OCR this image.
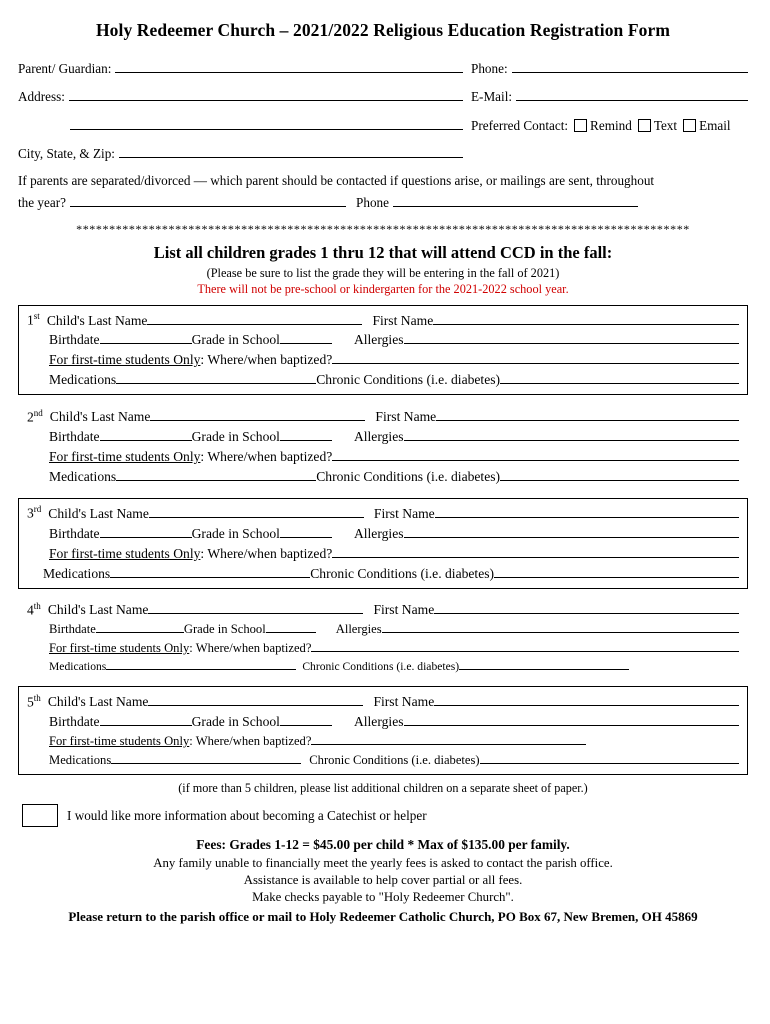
Holy Redeemer Church – 2021/2022 Religious Education Registration Form
Parent/ Guardian:	Phone:
Address:	E-Mail:

Preferred Contact: Remind Text Email
City, State, & Zip:
If parents are separated/divorced — which parent should be contacted if questions arise, or mailings are sent, throughout
the year?	Phone
*********************************************************************************************
List all children grades 1 thru 12 that will attend CCD in the fall:
(Please be sure to list the grade they will be entering in the fall of 2021)
There will not be pre-school or kindergarten for the 2021-2022 school year.
1st Child's Last Name	First Name
Birthdate	Grade in School	Allergies
For first-time students Only : Where/when baptized?
Medications	Chronic Conditions (i.e. diabetes)
2nd Child's Last Name	First Name
Birthdate	Grade in School	Allergies
For first-time students Only : Where/when baptized?
Medications	Chronic Conditions (i.e. diabetes)
3rd Child's Last Name	First Name
Birthdate	Grade in School	Allergies
For first-time students Only : Where/when baptized?
Medications	Chronic Conditions (i.e. diabetes)
4th Child's Last Name	First Name
Birthdate	Grade in School	Allergies
For first-time students Only : Where/when baptized?
Medications	Chronic Conditions (i.e. diabetes)
5th Child's Last Name	First Name
Birthdate	Grade in School	Allergies
For first-time students Only : Where/when baptized?
Medications	Chronic Conditions (i.e. diabetes)
(if more than 5 children, please list additional children on a separate sheet of paper.)
I would like more information about becoming a Catechist or helper
Fees: Grades 1-12 = $45.00 per child * Max of $135.00 per family.
Any family unable to financially meet the yearly fees is asked to contact the parish office.
Assistance is available to help cover partial or all fees.
Make checks payable to "Holy Redeemer Church".
Please return to the parish office or mail to Holy Redeemer Catholic Church, PO Box 67, New Bremen, OH 45869
